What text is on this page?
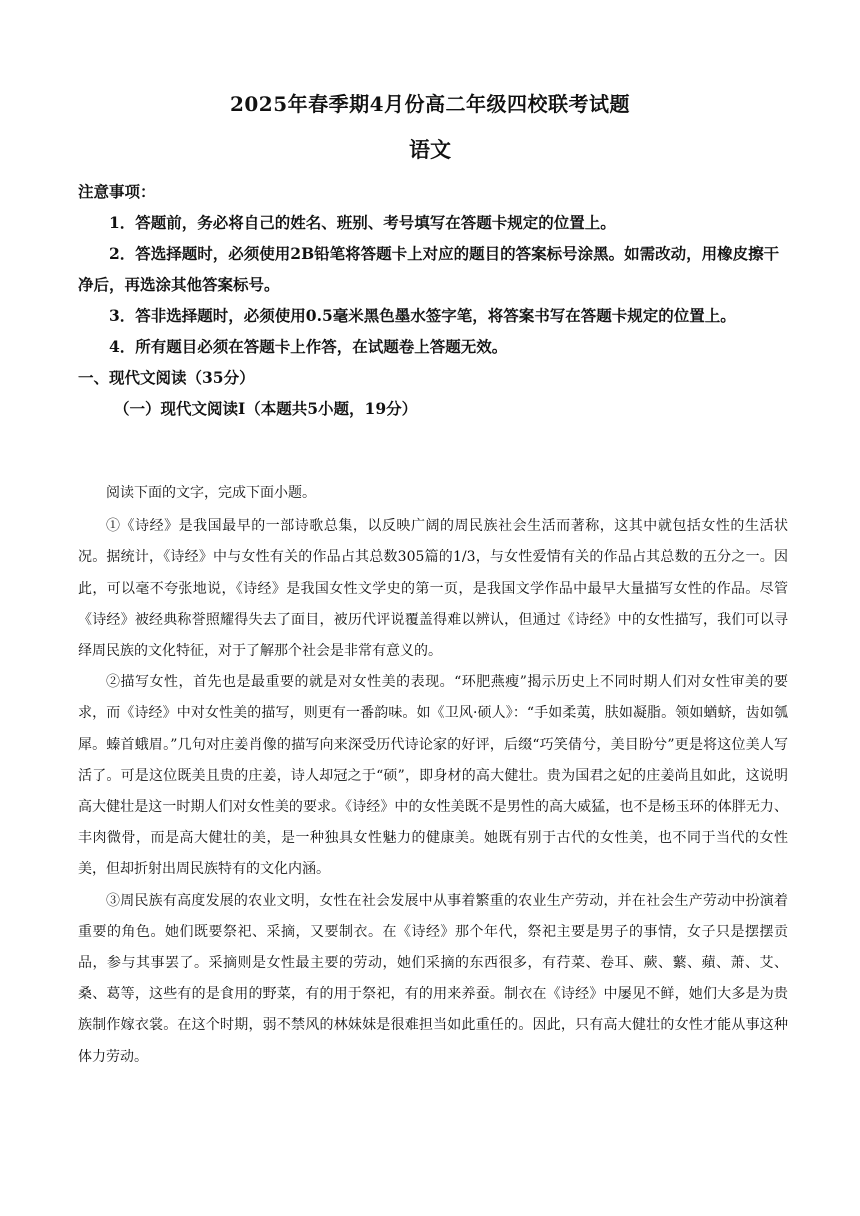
2025年春季期4月份高二年级四校联考试题
语文

注意事项：

1．答题前，务必将自己的姓名、班别、考号填写在答题卡规定的位置上。

2．答选择题时，必须使用2B铅笔将答题卡上对应的题目的答案标号涂黑。如需改动，用橡皮擦干净后，再选涂其他答案标号。

3．答非选择题时，必须使用0.5毫米黑色墨水签字笔，将答案书写在答题卡规定的位置上。

4．所有题目必须在答题卡上作答，在试题卷上答题无效。

一、现代文阅读（35分）

（一）现代文阅读Ⅰ（本题共5小题，19分）

阅读下面的文字，完成下面小题。

①《诗经》是我国最早的一部诗歌总集，以反映广阔的周民族社会生活而著称，这其中就包括女性的生活状况。据统计，《诗经》中与女性有关的作品占其总数305篇的1/3，与女性爱情有关的作品占其总数的五分之一。因此，可以毫不夸张地说，《诗经》是我国女性文学史的第一页，是我国文学作品中最早大量描写女性的作品。尽管《诗经》被经典称誉照耀得失去了面目，被历代评说覆盖得难以辨认，但通过《诗经》中的女性描写，我们可以寻绎周民族的文化特征，对于了解那个社会是非常有意义的。

②描写女性，首先也是最重要的就是对女性美的表现。“环肥燕瘦”揭示历史上不同时期人们对女性审美的要求，而《诗经》中对女性美的描写，则更有一番韵味。如《卫风·硕人》：“手如柔荑，肤如凝脂。领如蝤蛴，齿如瓠犀。螓首蛾眉。”几句对庄姜肖像的描写向来深受历代诗论家的好评，后缀“巧笑倩兮，美目盼兮”更是将这位美人写活了。可是这位既美且贵的庄姜，诗人却冠之于“硕”，即身材的高大健壮。贵为国君之妃的庄姜尚且如此，这说明高大健壮是这一时期人们对女性美的要求。《诗经》中的女性美既不是男性的高大威猛，也不是杨玉环的体胖无力、丰肉微骨，而是高大健壮的美，是一种独具女性魅力的健康美。她既有别于古代的女性美，也不同于当代的女性美，但却折射出周民族特有的文化内涵。

③周民族有高度发展的农业文明，女性在社会发展中从事着繁重的农业生产劳动，并在社会生产劳动中扮演着重要的角色。她们既要祭祀、采摘，又要制衣。在《诗经》那个年代，祭祀主要是男子的事情，女子只是摆摆贡品，参与其事罢了。采摘则是女性最主要的劳动，她们采摘的东西很多，有荇菜、卷耳、蕨、蘩、蘋、萧、艾、桑、葛等，这些有的是食用的野菜，有的用于祭祀，有的用来养蚕。制衣在《诗经》中屡见不鲜，她们大多是为贵族制作嫁衣裳。在这个时期，弱不禁风的林妹妹是很难担当如此重任的。因此，只有高大健壮的女性才能从事这种体力劳动。
